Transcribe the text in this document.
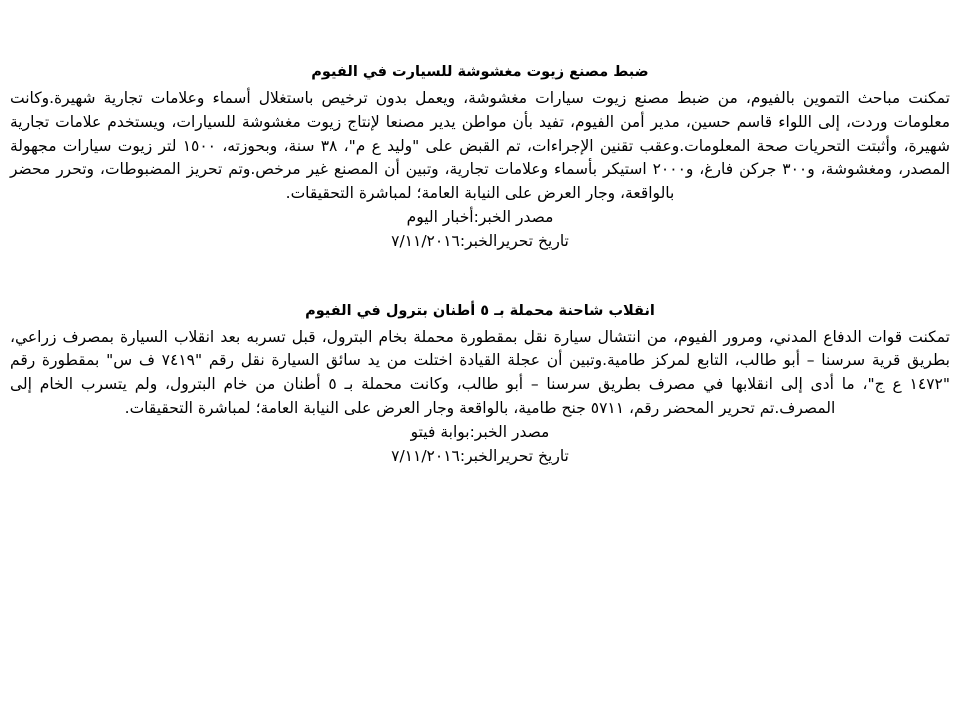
ضبط مصنع زيوت مغشوشة للسيارت في الفيوم

تمكنت مباحث التموين بالفيوم، من ضبط مصنع زيوت سيارات مغشوشة، ويعمل بدون ترخيص باستغلال أسماء وعلامات تجارية شهيرة.وكانت معلومات وردت، إلى اللواء قاسم حسين، مدير أمن الفيوم، تفيد بأن مواطن يدير مصنعا لإنتاج زيوت مغشوشة للسيارات، ويستخدم علامات تجارية شهيرة، وأثبتت التحريات صحة المعلومات.وعقب تقنين الإجراءات، تم القبض على "وليد ع م"، ٣٨ سنة، وبحوزته، ١٥٠٠ لتر زيوت سيارات مجهولة المصدر، ومغشوشة، و٣٠٠ جركن فارغ، و٢٠٠٠ استيكر بأسماء وعلامات تجارية، وتبين أن المصنع غير مرخص.وتم تحريز المضبوطات، وتحرر محضر بالواقعة، وجار العرض على النيابة العامة؛ لمباشرة التحقيقات.

مصدر الخبر:أخبار اليوم

تاريخ تحريرالخبر:٧/١١/٢٠١٦

انقلاب شاحنة محملة بـ ٥ أطنان بترول في الفيوم

تمكنت قوات الدفاع المدني، ومرور الفيوم، من انتشال سيارة نقل بمقطورة محملة بخام البترول، قبل تسربه بعد انقلاب السيارة بمصرف زراعي، بطريق قرية سرسنا – أبو طالب، التابع لمركز طامية.وتبين أن عجلة القيادة اختلت من يد سائق السيارة نقل رقم "٧٤١٩ ف س" بمقطورة رقم "١٤٧٢ ع ج"، ما أدى إلى انقلابها في مصرف بطريق سرسنا – أبو طالب، وكانت محملة بـ ٥ أطنان من خام البترول، ولم يتسرب الخام إلى المصرف.تم تحرير المحضر رقم، ٥٧١١ جنح طامية، بالواقعة وجار العرض على النيابة العامة؛ لمباشرة التحقيقات.

مصدر الخبر:بوابة فيتو

تاريخ تحريرالخبر:٧/١١/٢٠١٦
